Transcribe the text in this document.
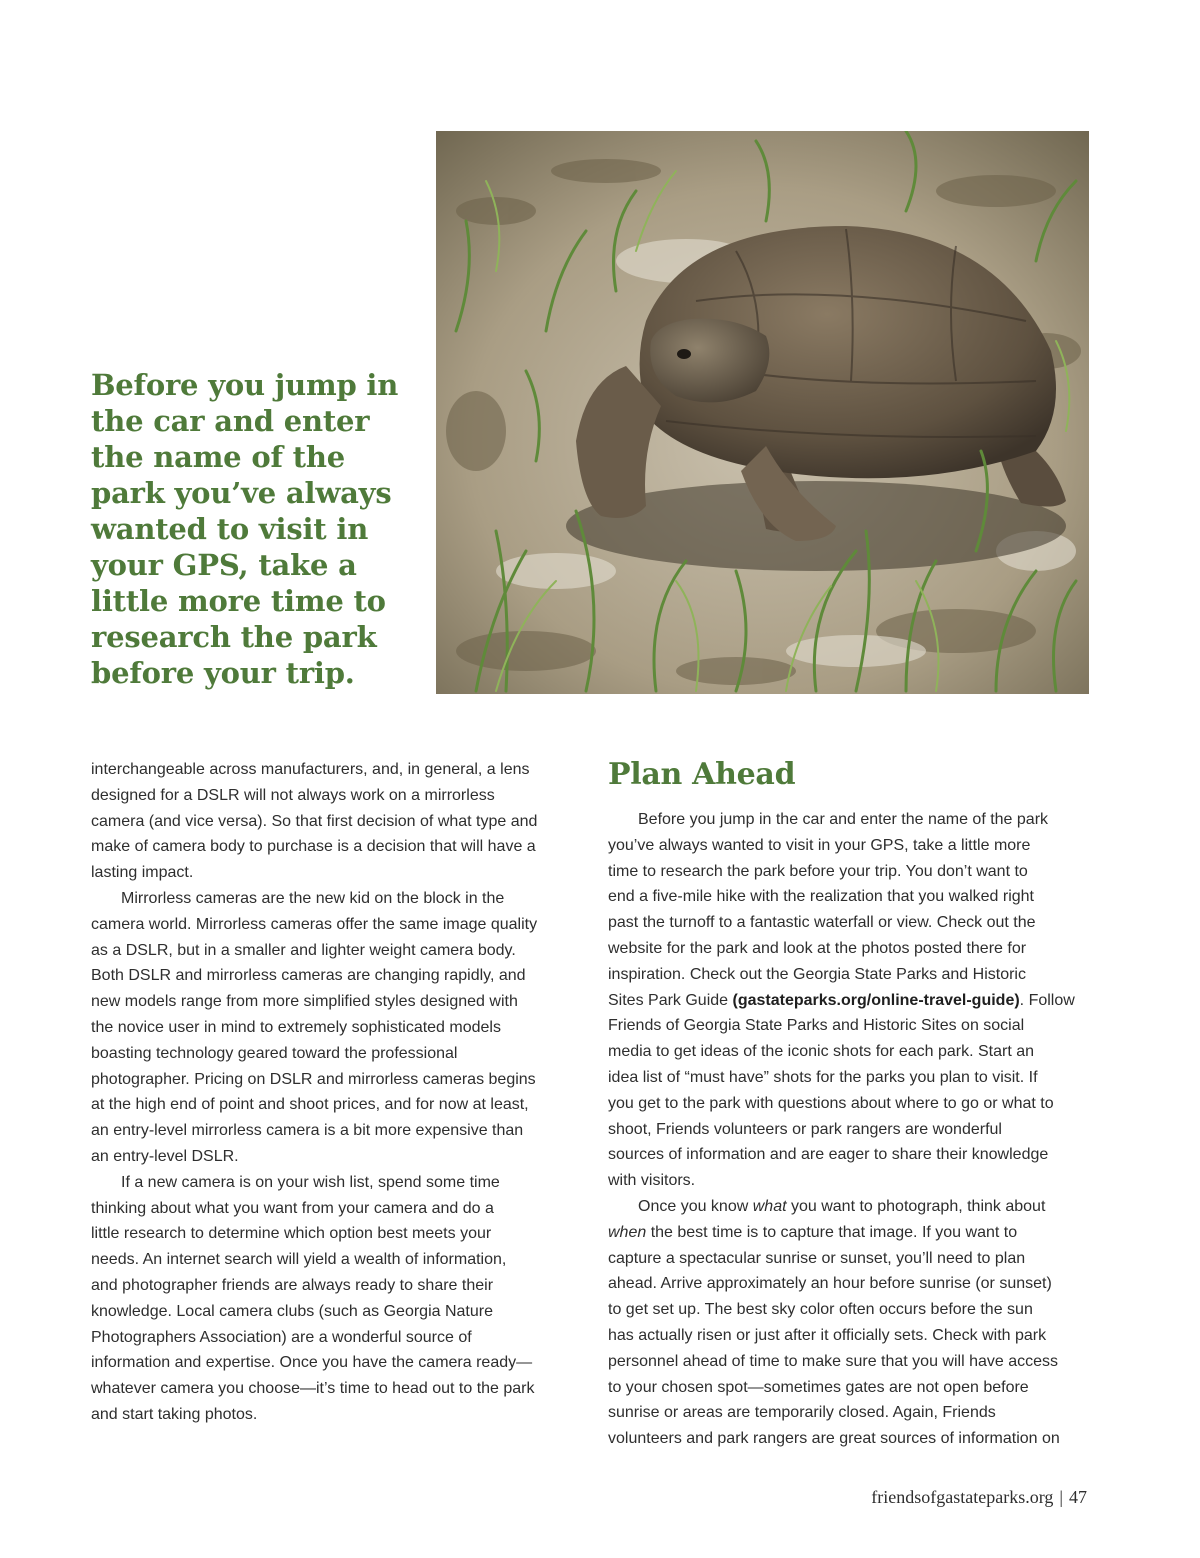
Before you jump in
the car and enter
the name of the
park you’ve always
wanted to visit in
your GPS, take a
little more time to
research the park
before your trip.
interchangeable across manufacturers, and, in general, a lens
designed for a DSLR will not always work on a mirrorless
camera (and vice versa). So that first decision of what type and
make of camera body to purchase is a decision that will have a
lasting impact.
Mirrorless cameras are the new kid on the block in the
camera world. Mirrorless cameras offer the same image quality
as a DSLR, but in a smaller and lighter weight camera body.
Both DSLR and mirrorless cameras are changing rapidly, and
new models range from more simplified styles designed with
the novice user in mind to extremely sophisticated models
boasting technology geared toward the professional
photographer. Pricing on DSLR and mirrorless cameras begins
at the high end of point and shoot prices, and for now at least,
an entry-level mirrorless camera is a bit more expensive than
an entry-level DSLR.
If a new camera is on your wish list, spend some time
thinking about what you want from your camera and do a
little research to determine which option best meets your
needs. An internet search will yield a wealth of information,
and photographer friends are always ready to share their
knowledge. Local camera clubs (such as Georgia Nature
Photographers Association) are a wonderful source of
information and expertise. Once you have the camera ready—
whatever camera you choose—it’s time to head out to the park
and start taking photos.
Plan Ahead
Before you jump in the car and enter the name of the park
you’ve always wanted to visit in your GPS, take a little more
time to research the park before your trip. You don’t want to
end a five-mile hike with the realization that you walked right
past the turnoff to a fantastic waterfall or view. Check out the
website for the park and look at the photos posted there for
inspiration. Check out the Georgia State Parks and Historic
Sites Park Guide (gastateparks.org/online-travel-guide). Follow
Friends of Georgia State Parks and Historic Sites on social
media to get ideas of the iconic shots for each park. Start an
idea list of “must have” shots for the parks you plan to visit. If
you get to the park with questions about where to go or what to
shoot, Friends volunteers or park rangers are wonderful
sources of information and are eager to share their knowledge
with visitors.
Once you know what you want to photograph, think about
when the best time is to capture that image. If you want to
capture a spectacular sunrise or sunset, you’ll need to plan
ahead. Arrive approximately an hour before sunrise (or sunset)
to get set up. The best sky color often occurs before the sun
has actually risen or just after it officially sets. Check with park
personnel ahead of time to make sure that you will have access
to your chosen spot—sometimes gates are not open before
sunrise or areas are temporarily closed. Again, Friends
volunteers and park rangers are great sources of information on
friendsofgastateparks.org | 47
